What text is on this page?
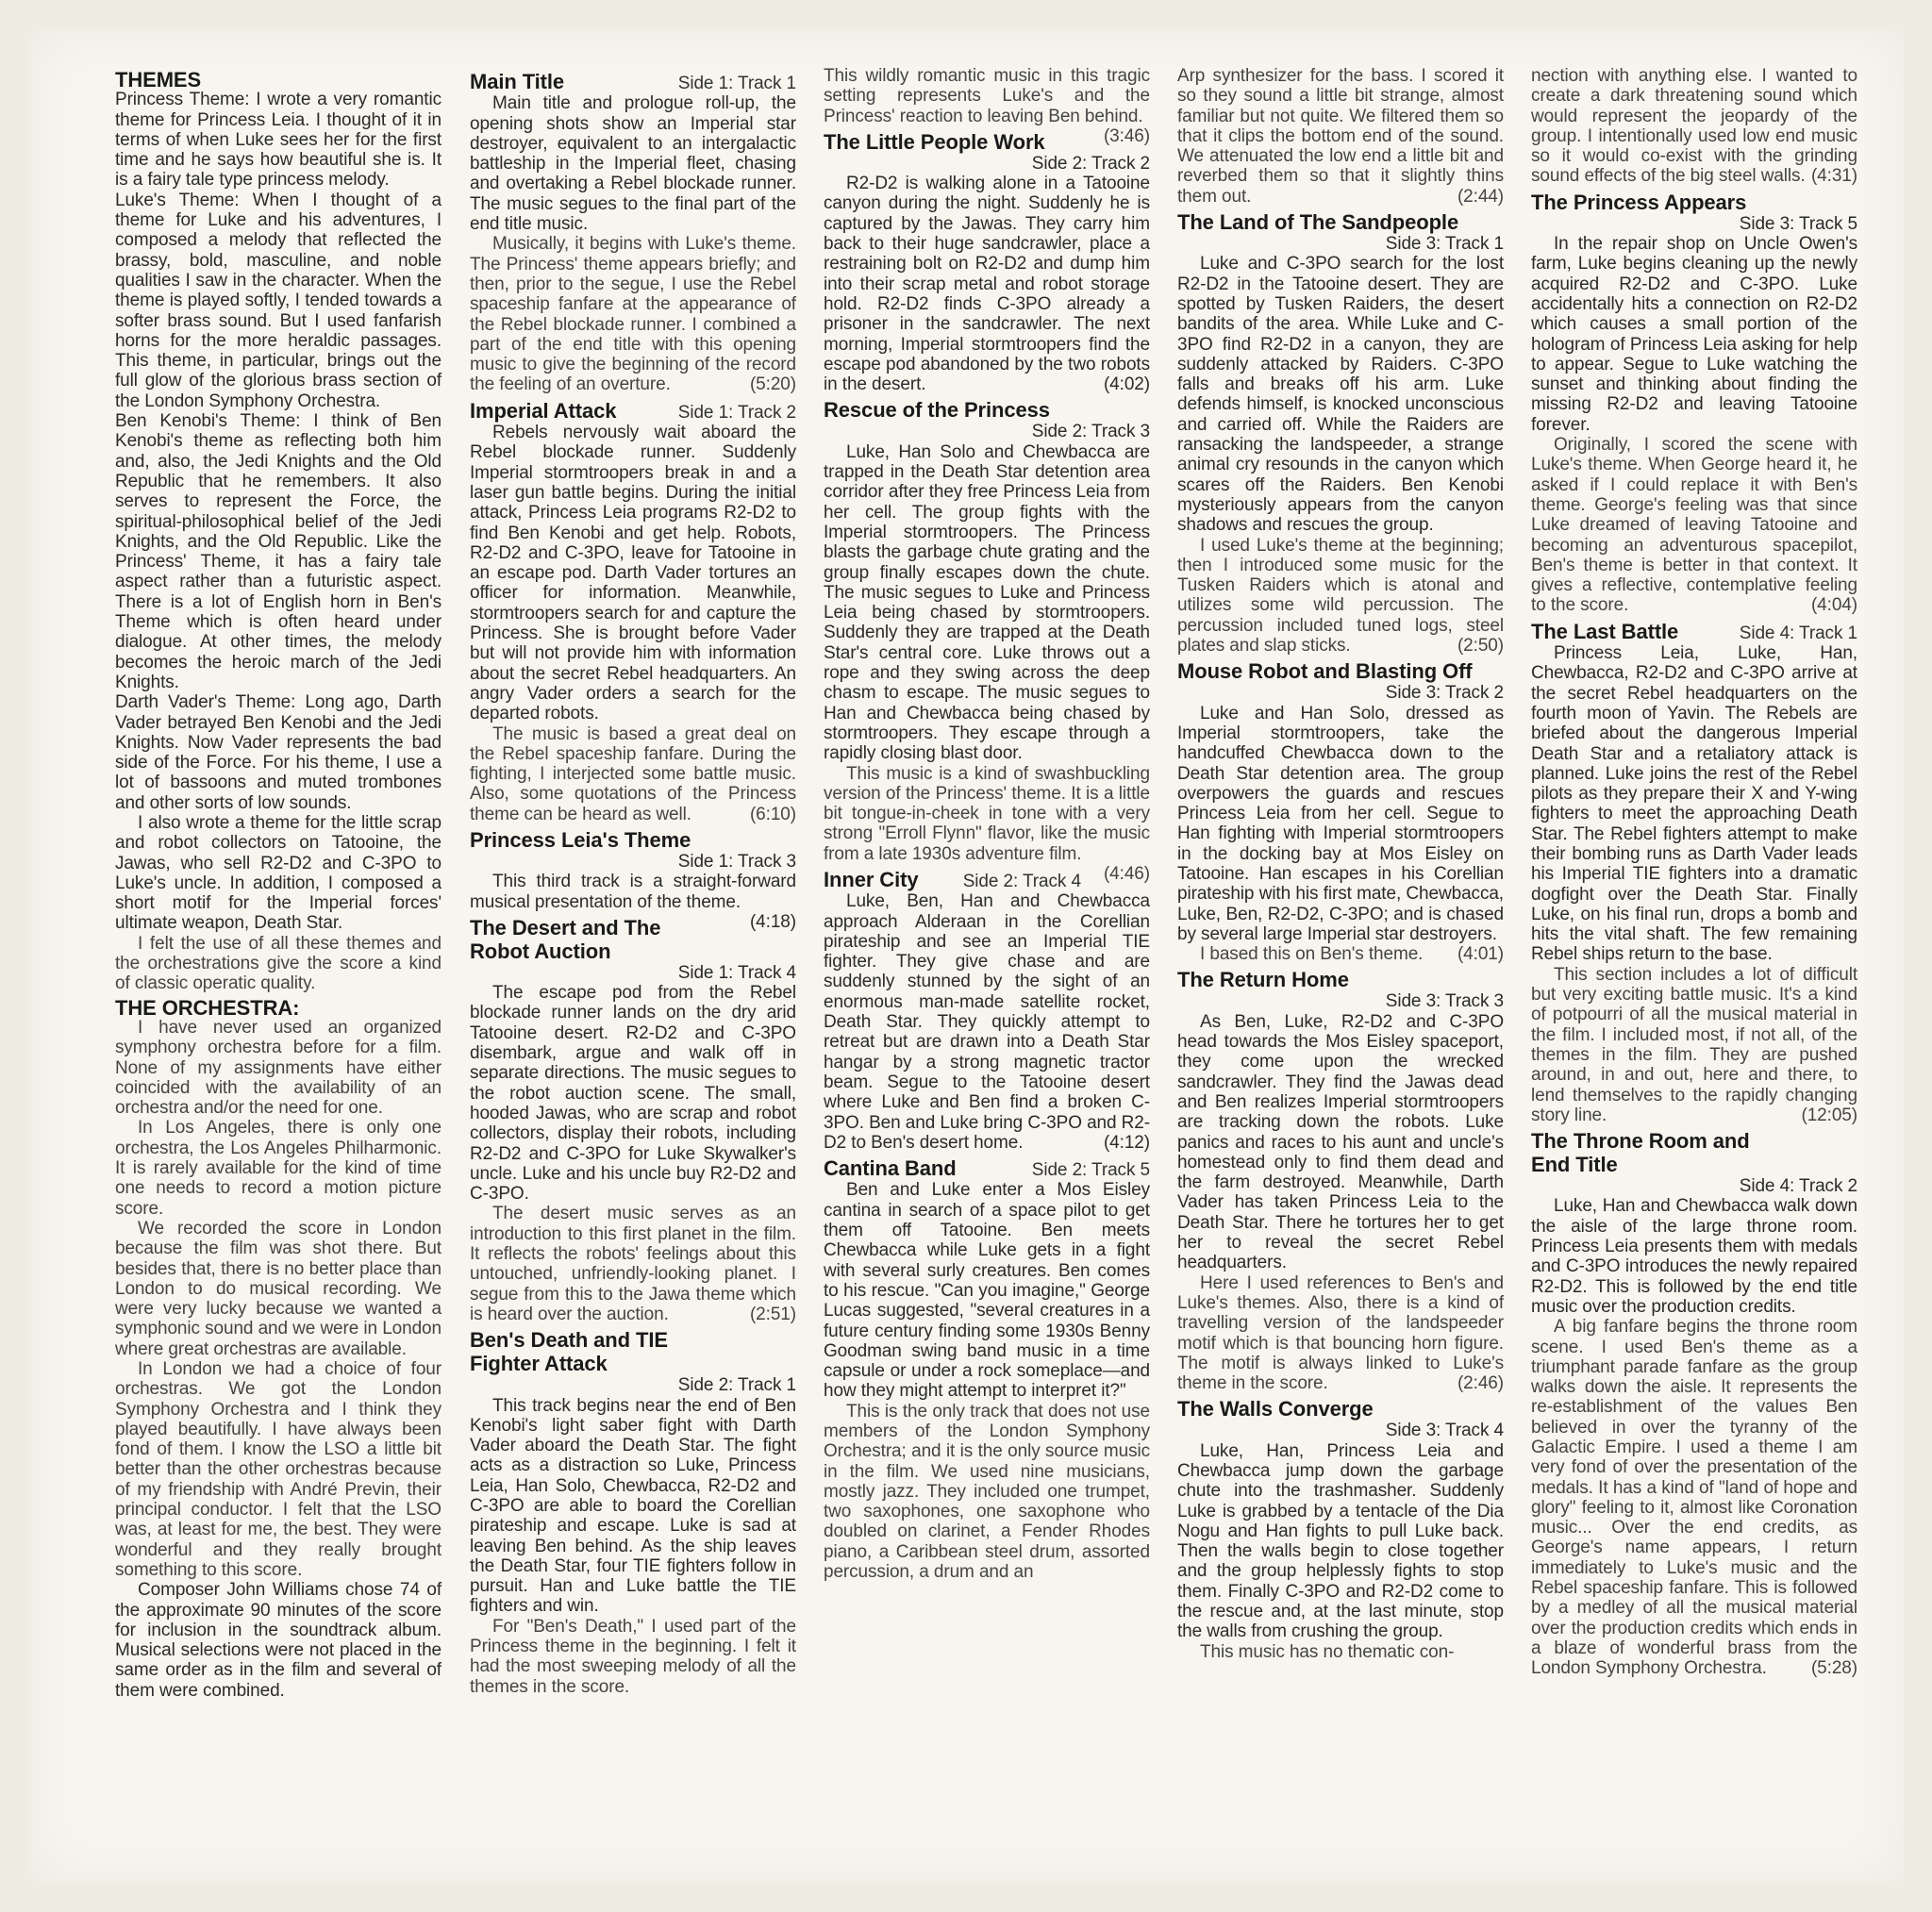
THEMES

Princess Theme: I wrote a very romantic theme for Princess Leia. I thought of it in terms of when Luke sees her for the first time and he says how beautiful she is. It is a fairy tale type princess melody.

Luke's Theme: When I thought of a theme for Luke and his adventures, I composed a melody that reflected the brassy, bold, masculine, and noble qualities I saw in the character. When the theme is played softly, I tended towards a softer brass sound. But I used fanfarish horns for the more heraldic passages. This theme, in particular, brings out the full glow of the glorious brass section of the London Symphony Orchestra.

Ben Kenobi's Theme: I think of Ben Kenobi's theme as reflecting both him and, also, the Jedi Knights and the Old Republic that he remembers. It also serves to represent the Force, the spiritual-philosophical belief of the Jedi Knights, and the Old Republic. Like the Princess' Theme, it has a fairy tale aspect rather than a futuristic aspect. There is a lot of English horn in Ben's Theme which is often heard under dialogue. At other times, the melody becomes the heroic march of the Jedi Knights.

Darth Vader's Theme: Long ago, Darth Vader betrayed Ben Kenobi and the Jedi Knights. Now Vader represents the bad side of the Force. For his theme, I use a lot of bassoons and muted trombones and other sorts of low sounds.

I also wrote a theme for the little scrap and robot collectors on Tatooine, the Jawas, who sell R2-D2 and C-3PO to Luke's uncle. In addition, I composed a short motif for the Imperial forces' ultimate weapon, Death Star.

I felt the use of all these themes and the orchestrations give the score a kind of classic operatic quality.

THE ORCHESTRA:

I have never used an organized symphony orchestra before for a film. None of my assignments have either coincided with the availability of an orchestra and/or the need for one.

In Los Angeles, there is only one orchestra, the Los Angeles Philharmonic. It is rarely available for the kind of time one needs to record a motion picture score.

We recorded the score in London because the film was shot there. But besides that, there is no better place than London to do musical recording. We were very lucky because we wanted a symphonic sound and we were in London where great orchestras are available.

In London we had a choice of four orchestras. We got the London Symphony Orchestra and I think they played beautifully. I have always been fond of them. I know the LSO a little bit better than the other orchestras because of my friendship with André Previn, their principal conductor. I felt that the LSO was, at least for me, the best. They were wonderful and they really brought something to this score.

Composer John Williams chose 74 of the approximate 90 minutes of the score for inclusion in the soundtrack album. Musical selections were not placed in the same order as in the film and several of them were combined.

Main Title	Side 1: Track 1

Main title and prologue roll-up, the opening shots show an Imperial star destroyer, equivalent to an intergalactic battleship in the Imperial fleet, chasing and overtaking a Rebel blockade runner. The music segues to the final part of the end title music.

Musically, it begins with Luke's theme. The Princess' theme appears briefly; and then, prior to the segue, I use the Rebel spaceship fanfare at the appearance of the Rebel blockade runner. I combined a part of the end title with this opening music to give the beginning of the record the feeling of an overture.	(5:20)

Imperial Attack	Side 1: Track 2

Rebels nervously wait aboard the Rebel blockade runner. Suddenly Imperial stormtroopers break in and a laser gun battle begins. During the initial attack, Princess Leia programs R2-D2 to find Ben Kenobi and get help. Robots, R2-D2 and C-3PO, leave for Tatooine in an escape pod. Darth Vader tortures an officer for information. Meanwhile, stormtroopers search for and capture the Princess. She is brought before Vader but will not provide him with information about the secret Rebel headquarters. An angry Vader orders a search for the departed robots.

The music is based a great deal on the Rebel spaceship fanfare. During the fighting, I interjected some battle music. Also, some quotations of the Princess theme can be heard as well.	(6:10)

Princess Leia's Theme
Side 1: Track 3

This third track is a straight-forward musical presentation of the theme.
(4:18)

The Desert and The Robot Auction
Side 1: Track 4

The escape pod from the Rebel blockade runner lands on the dry arid Tatooine desert. R2-D2 and C-3PO disembark, argue and walk off in separate directions. The music segues to the robot auction scene. The small, hooded Jawas, who are scrap and robot collectors, display their robots, including R2-D2 and C-3PO for Luke Skywalker's uncle. Luke and his uncle buy R2-D2 and C-3PO.

The desert music serves as an introduction to this first planet in the film. It reflects the robots' feelings about this untouched, unfriendly-looking planet. I segue from this to the Jawa theme which is heard over the auction.	(2:51)

Ben's Death and TIE Fighter Attack
Side 2: Track 1

This track begins near the end of Ben Kenobi's light saber fight with Darth Vader aboard the Death Star. The fight acts as a distraction so Luke, Princess Leia, Han Solo, Chewbacca, R2-D2 and C-3PO are able to board the Corellian pirateship and escape. Luke is sad at leaving Ben behind. As the ship leaves the Death Star, four TIE fighters follow in pursuit. Han and Luke battle the TIE fighters and win.

For "Ben's Death," I used part of the Princess theme in the beginning. I felt it had the most sweeping melody of all the themes in the score.

This wildly romantic music in this tragic setting represents Luke's and the Princess' reaction to leaving Ben behind.
(3:46)

The Little People Work
Side 2: Track 2

R2-D2 is walking alone in a Tatooine canyon during the night. Suddenly he is captured by the Jawas. They carry him back to their huge sandcrawler, place a restraining bolt on R2-D2 and dump him into their scrap metal and robot storage hold. R2-D2 finds C-3PO already a prisoner in the sandcrawler. The next morning, Imperial stormtroopers find the escape pod abandoned by the two robots in the desert.	(4:02)

Rescue of the Princess
Side 2: Track 3

Luke, Han Solo and Chewbacca are trapped in the Death Star detention area corridor after they free Princess Leia from her cell. The group fights with the Imperial stormtroopers. The Princess blasts the garbage chute grating and the group finally escapes down the chute. The music segues to Luke and Princess Leia being chased by stormtroopers. Suddenly they are trapped at the Death Star's central core. Luke throws out a rope and they swing across the deep chasm to escape. The music segues to Han and Chewbacca being chased by stormtroopers. They escape through a rapidly closing blast door.

This music is a kind of swashbuckling version of the Princess' theme. It is a little bit tongue-in-cheek in tone with a very strong "Erroll Flynn" flavor, like the music from a late 1930s adventure film.
(4:46)

Inner City Side 2: Track 4

Luke, Ben, Han and Chewbacca approach Alderaan in the Corellian pirateship and see an Imperial TIE fighter. They give chase and are suddenly stunned by the sight of an enormous man-made satellite rocket, Death Star. They quickly attempt to retreat but are drawn into a Death Star hangar by a strong magnetic tractor beam. Segue to the Tatooine desert where Luke and Ben find a broken C-3PO. Ben and Luke bring C-3PO and R2-D2 to Ben's desert home.	(4:12)

Cantina Band	Side 2: Track 5

Ben and Luke enter a Mos Eisley cantina in search of a space pilot to get them off Tatooine. Ben meets Chewbacca while Luke gets in a fight with several surly creatures. Ben comes to his rescue. "Can you imagine," George Lucas suggested, "several creatures in a future century finding some 1930s Benny Goodman swing band music in a time capsule or under a rock someplace—and how they might attempt to interpret it?"

This is the only track that does not use members of the London Symphony Orchestra; and it is the only source music in the film. We used nine musicians, mostly jazz. They included one trumpet, two saxophones, one saxophone who doubled on clarinet, a Fender Rhodes piano, a Caribbean steel drum, assorted percussion, a drum and an

Arp synthesizer for the bass. I scored it so they sound a little bit strange, almost familiar but not quite. We filtered them so that it clips the bottom end of the sound. We attenuated the low end a little bit and reverbed them so that it slightly thins them out.	(2:44)

The Land of The Sandpeople
Side 3: Track 1

Luke and C-3PO search for the lost R2-D2 in the Tatooine desert. They are spotted by Tusken Raiders, the desert bandits of the area. While Luke and C-3PO find R2-D2 in a canyon, they are suddenly attacked by Raiders. C-3PO falls and breaks off his arm. Luke defends himself, is knocked unconscious and carried off. While the Raiders are ransacking the landspeeder, a strange animal cry resounds in the canyon which scares off the Raiders. Ben Kenobi mysteriously appears from the canyon shadows and rescues the group.

I used Luke's theme at the beginning; then I introduced some music for the Tusken Raiders which is atonal and utilizes some wild percussion. The percussion included tuned logs, steel plates and slap sticks.	(2:50)

Mouse Robot and Blasting Off
Side 3: Track 2

Luke and Han Solo, dressed as Imperial stormtroopers, take the handcuffed Chewbacca down to the Death Star detention area. The group overpowers the guards and rescues Princess Leia from her cell. Segue to Han fighting with Imperial stormtroopers in the docking bay at Mos Eisley on Tatooine. Han escapes in his Corellian pirateship with his first mate, Chewbacca, Luke, Ben, R2-D2, C-3PO; and is chased by several large Imperial star destroyers.

I based this on Ben's theme.	(4:01)

The Return Home
Side 3: Track 3

As Ben, Luke, R2-D2 and C-3PO head towards the Mos Eisley spaceport, they come upon the wrecked sandcrawler. They find the Jawas dead and Ben realizes Imperial stormtroopers are tracking down the robots. Luke panics and races to his aunt and uncle's homestead only to find them dead and the farm destroyed. Meanwhile, Darth Vader has taken Princess Leia to the Death Star. There he tortures her to get her to reveal the secret Rebel headquarters.

Here I used references to Ben's and Luke's themes. Also, there is a kind of travelling version of the landspeeder motif which is that bouncing horn figure. The motif is always linked to Luke's theme in the score.	(2:46)

The Walls Converge
Side 3: Track 4

Luke, Han, Princess Leia and Chewbacca jump down the garbage chute into the trashmasher. Suddenly Luke is grabbed by a tentacle of the Dia Nogu and Han fights to pull Luke back. Then the walls begin to close together and the group helplessly fights to stop them. Finally C-3PO and R2-D2 come to the rescue and, at the last minute, stop the walls from crushing the group.

This music has no thematic con-

nection with anything else. I wanted to create a dark threatening sound which would represent the jeopardy of the group. I intentionally used low end music so it would co-exist with the grinding sound effects of the big steel walls. (4:31)

The Princess Appears
Side 3: Track 5

In the repair shop on Uncle Owen's farm, Luke begins cleaning up the newly acquired R2-D2 and C-3PO. Luke accidentally hits a connection on R2-D2 which causes a small portion of the hologram of Princess Leia asking for help to appear. Segue to Luke watching the sunset and thinking about finding the missing R2-D2 and leaving Tatooine forever.

Originally, I scored the scene with Luke's theme. When George heard it, he asked if I could replace it with Ben's theme. George's feeling was that since Luke dreamed of leaving Tatooine and becoming an adventurous spacepilot, Ben's theme is better in that context. It gives a reflective, contemplative feeling to the score.	(4:04)

The Last Battle	Side 4: Track 1

Princess Leia, Luke, Han, Chewbacca, R2-D2 and C-3PO arrive at the secret Rebel headquarters on the fourth moon of Yavin. The Rebels are briefed about the dangerous Imperial Death Star and a retaliatory attack is planned. Luke joins the rest of the Rebel pilots as they prepare their X and Y-wing fighters to meet the approaching Death Star. The Rebel fighters attempt to make their bombing runs as Darth Vader leads his Imperial TIE fighters into a dramatic dogfight over the Death Star. Finally Luke, on his final run, drops a bomb and hits the vital shaft. The few remaining Rebel ships return to the base.

This section includes a lot of difficult but very exciting battle music. It's a kind of potpourri of all the musical material in the film. I included most, if not all, of the themes in the film. They are pushed around, in and out, here and there, to lend themselves to the rapidly changing story line.	(12:05)

The Throne Room and End Title
Side 4: Track 2

Luke, Han and Chewbacca walk down the aisle of the large throne room. Princess Leia presents them with medals and C-3PO introduces the newly repaired R2-D2. This is followed by the end title music over the production credits.

A big fanfare begins the throne room scene. I used Ben's theme as a triumphant parade fanfare as the group walks down the aisle. It represents the re-establishment of the values Ben believed in over the tyranny of the Galactic Empire. I used a theme I am very fond of over the presentation of the medals. It has a kind of "land of hope and glory" feeling to it, almost like Coronation music... Over the end credits, as George's name appears, I return immediately to Luke's music and the Rebel spaceship fanfare. This is followed by a medley of all the musical material over the production credits which ends in a blaze of wonderful brass from the London Symphony Orchestra.	(5:28)
